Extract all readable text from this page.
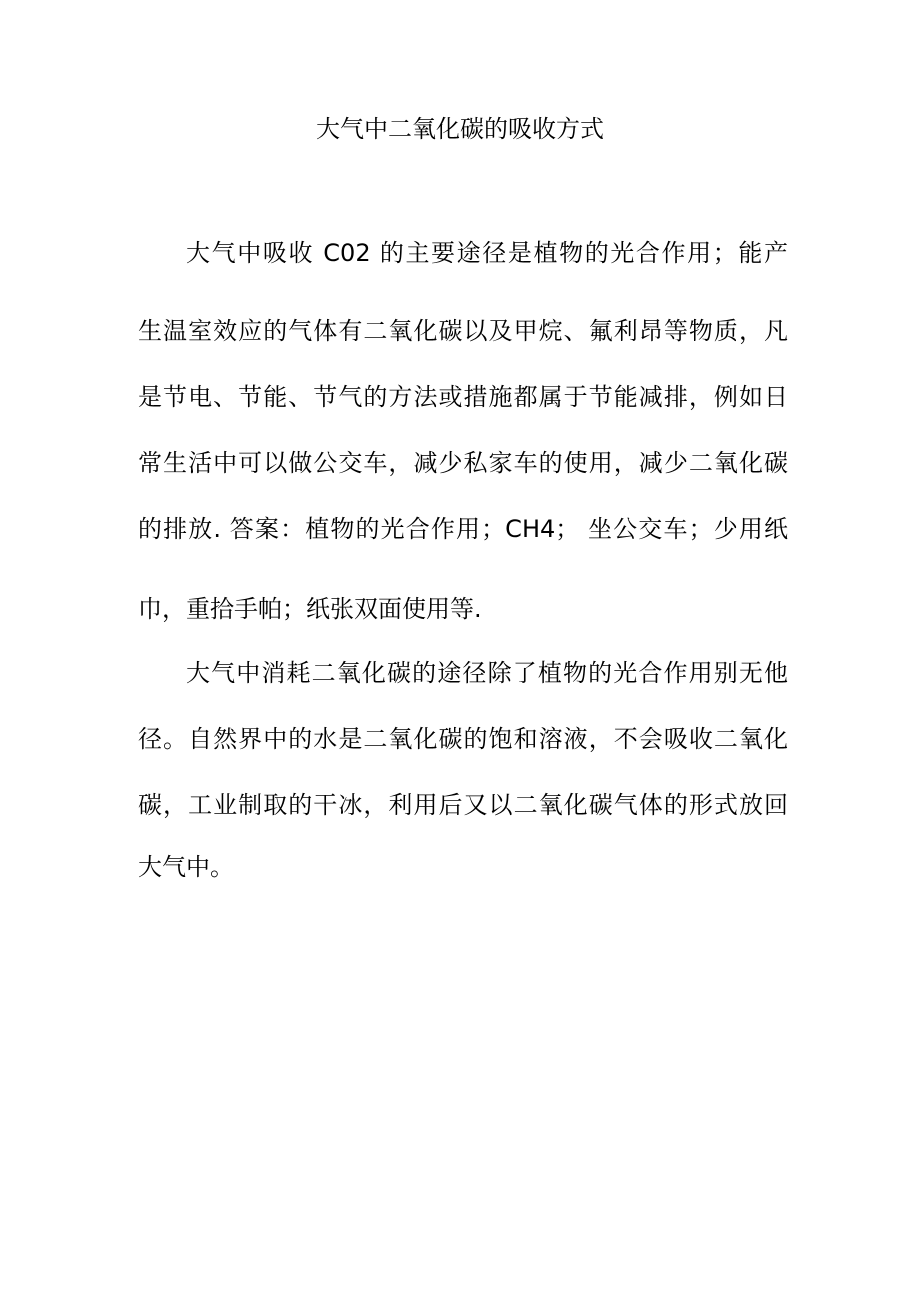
大气中二氧化碳的吸收方式
大气中吸收 C02 的主要途径是植物的光合作用；能产
生温室效应的气体有二氧化碳以及甲烷、氟利昂等物质，凡
是节电、节能、节气的方法或措施都属于节能减排，例如日
常生活中可以做公交车，减少私家车的使用，减少二氧化碳
的排放. 答案：植物的光合作用；CH4； 坐公交车；少用纸
巾，重拾手帕；纸张双面使用等.
大气中消耗二氧化碳的途径除了植物的光合作用别无他
径。自然界中的水是二氧化碳的饱和溶液，不会吸收二氧化
碳，工业制取的干冰，利用后又以二氧化碳气体的形式放回
大气中。
